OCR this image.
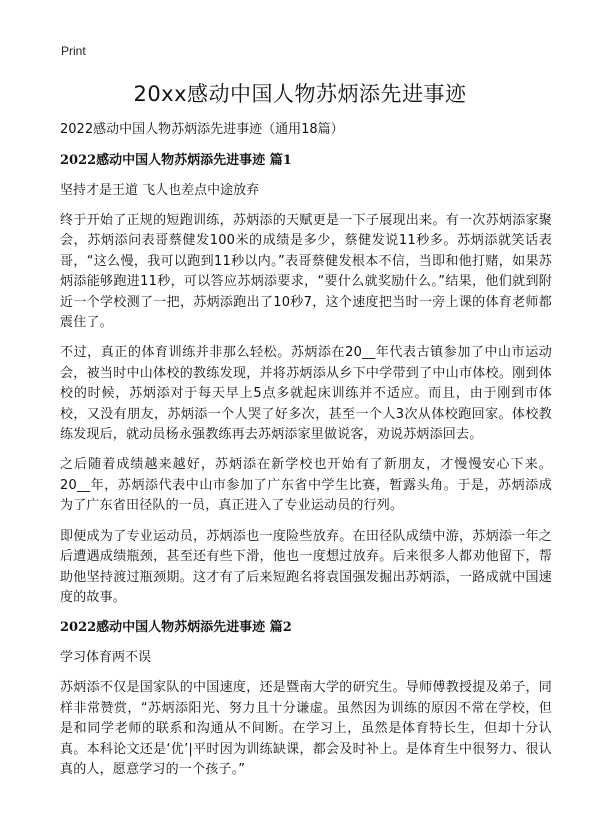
Print
20xx感动中国人物苏炳添先进事迹

2022感动中国人物苏炳添先进事迹（通用18篇）

2022感动中国人物苏炳添先进事迹 篇1

坚持才是王道 飞人也差点中途放弃

终于开始了正规的短跑训练，苏炳添的天赋更是一下子展现出来。有一次苏炳添家聚会，苏炳添问表哥蔡健发100米的成绩是多少，蔡健发说11秒多。苏炳添就笑话表哥，“这么慢，我可以跑到11秒以内。”表哥蔡健发根本不信，当即和他打赌，如果苏炳添能够跑进11秒，可以答应苏炳添要求，“要什么就奖励什么。”结果，他们就到附近一个学校测了一把，苏炳添跑出了10秒7，这个速度把当时一旁上课的体育老师都震住了。

不过，真正的体育训练并非那么轻松。苏炳添在20__年代表古镇参加了中山市运动会，被当时中山体校的教练发现，并将苏炳添从乡下中学带到了中山市体校。刚到体校的时候，苏炳添对于每天早上5点多就起床训练并不适应。而且，由于刚到市体校，又没有朋友，苏炳添一个人哭了好多次，甚至一个人3次从体校跑回家。体校教练发现后，就动员杨永强教练再去苏炳添家里做说客，劝说苏炳添回去。

之后随着成绩越来越好，苏炳添在新学校也开始有了新朋友，才慢慢安心下来。20__年，苏炳添代表中山市参加了广东省中学生比赛，暂露头角。于是，苏炳添成为了广东省田径队的一员，真正进入了专业运动员的行列。

即便成为了专业运动员，苏炳添也一度险些放弃。在田径队成绩中游，苏炳添一年之后遭遇成绩瓶颈，甚至还有些下滑，他也一度想过放弃。后来很多人都劝他留下，帮助他坚持渡过瓶颈期。这才有了后来短跑名将袁国强发掘出苏炳添，一路成就中国速度的故事。

2022感动中国人物苏炳添先进事迹 篇2

学习体育两不误

苏炳添不仅是国家队的中国速度，还是暨南大学的研究生。导师傅教授提及弟子，同样非常赞赏，“苏炳添阳光、努力且十分谦虚。虽然因为训练的原因不常在学校，但是和同学老师的联系和沟通从不间断。在学习上，虽然是体育特长生，但却十分认真。本科论文还是‘优’|平时因为训练缺课，都会及时补上。是体育生中很努力、很认真的人，愿意学习的一个孩子。”
